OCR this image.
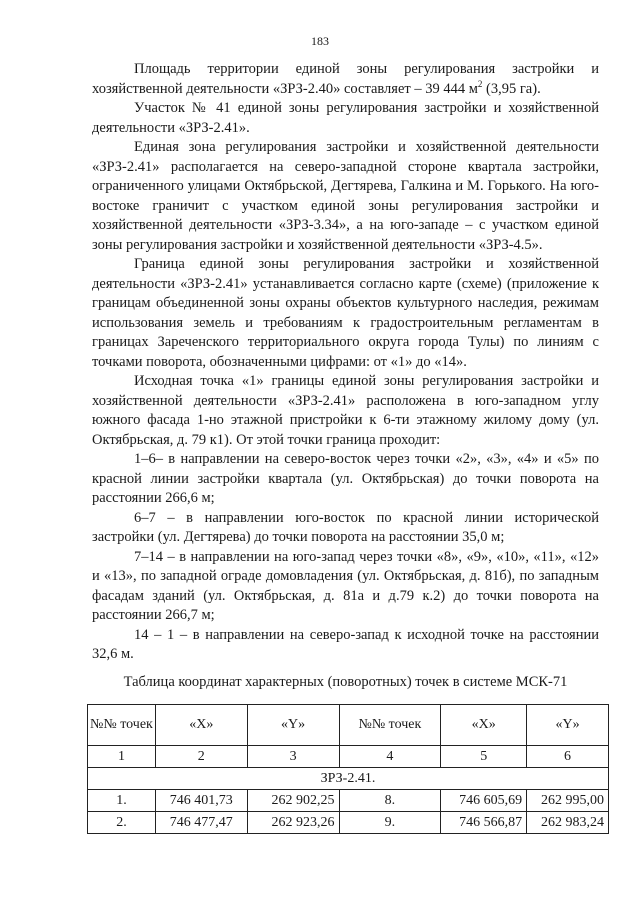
183

Площадь территории единой зоны регулирования застройки и хозяйственной деятельности «ЗРЗ-2.40» составляет – 39 444 $м^2$ (3,95 га).

Участок № 41 единой зоны регулирования застройки и хозяйственной деятельности «ЗРЗ-2.41».

Единая зона регулирования застройки и хозяйственной деятельности «ЗРЗ-2.41» располагается на северо-западной стороне квартала застройки, ограниченного улицами Октябрьской, Дегтярева, Галкина и М. Горького. На юго-востоке граничит с участком единой зоны регулирования застройки и хозяйственной деятельности «ЗРЗ-3.34», а на юго-западе – с участком единой зоны регулирования застройки и хозяйственной деятельности «ЗРЗ-4.5».

Граница единой зоны регулирования застройки и хозяйственной деятельности «ЗРЗ-2.41» устанавливается согласно карте (схеме) (приложение к границам объединенной зоны охраны объектов культурного наследия, режимам использования земель и требованиям к градостроительным регламентам в границах Зареченского территориального округа города Тулы) по линиям с точками поворота, обозначенными цифрами: от «1» до «14».

Исходная точка «1» границы единой зоны регулирования застройки и хозяйственной деятельности «ЗРЗ-2.41» расположена в юго-западном углу южного фасада 1-но этажной пристройки к 6-ти этажному жилому дому (ул. Октябрьская, д. 79 к1). От этой точки граница проходит:

1–6– в направлении на северо-восток через точки «2», «3», «4» и «5» по красной линии застройки квартала (ул. Октябрьская) до точки поворота на расстоянии 266,6 м;

6–7 – в направлении юго-восток по красной линии исторической застройки (ул. Дегтярева) до точки поворота на расстоянии 35,0 м;

7–14 – в направлении на юго-запад через точки «8», «9», «10», «11», «12» и «13», по западной ограде домовладения (ул. Октябрьская, д. 81б), по западным фасадам зданий (ул. Октябрьская, д. 81а и д.79 к.2) до точки поворота на расстоянии 266,7 м;

14 – 1 – в направлении на северо-запад к исходной точке на расстоянии 32,6 м.

Таблица координат характерных (поворотных) точек в системе МСК-71
№№ точек	«X»	«Y»	№№ точек	«X»	«Y»
1	2	3	4	5	6
ЗРЗ-2.41.					
1.	746 401,73	262 902,25	8.	746 605,69	262 995,00
2.	746 477,47	262 923,26	9.	746 566,87	262 983,24
